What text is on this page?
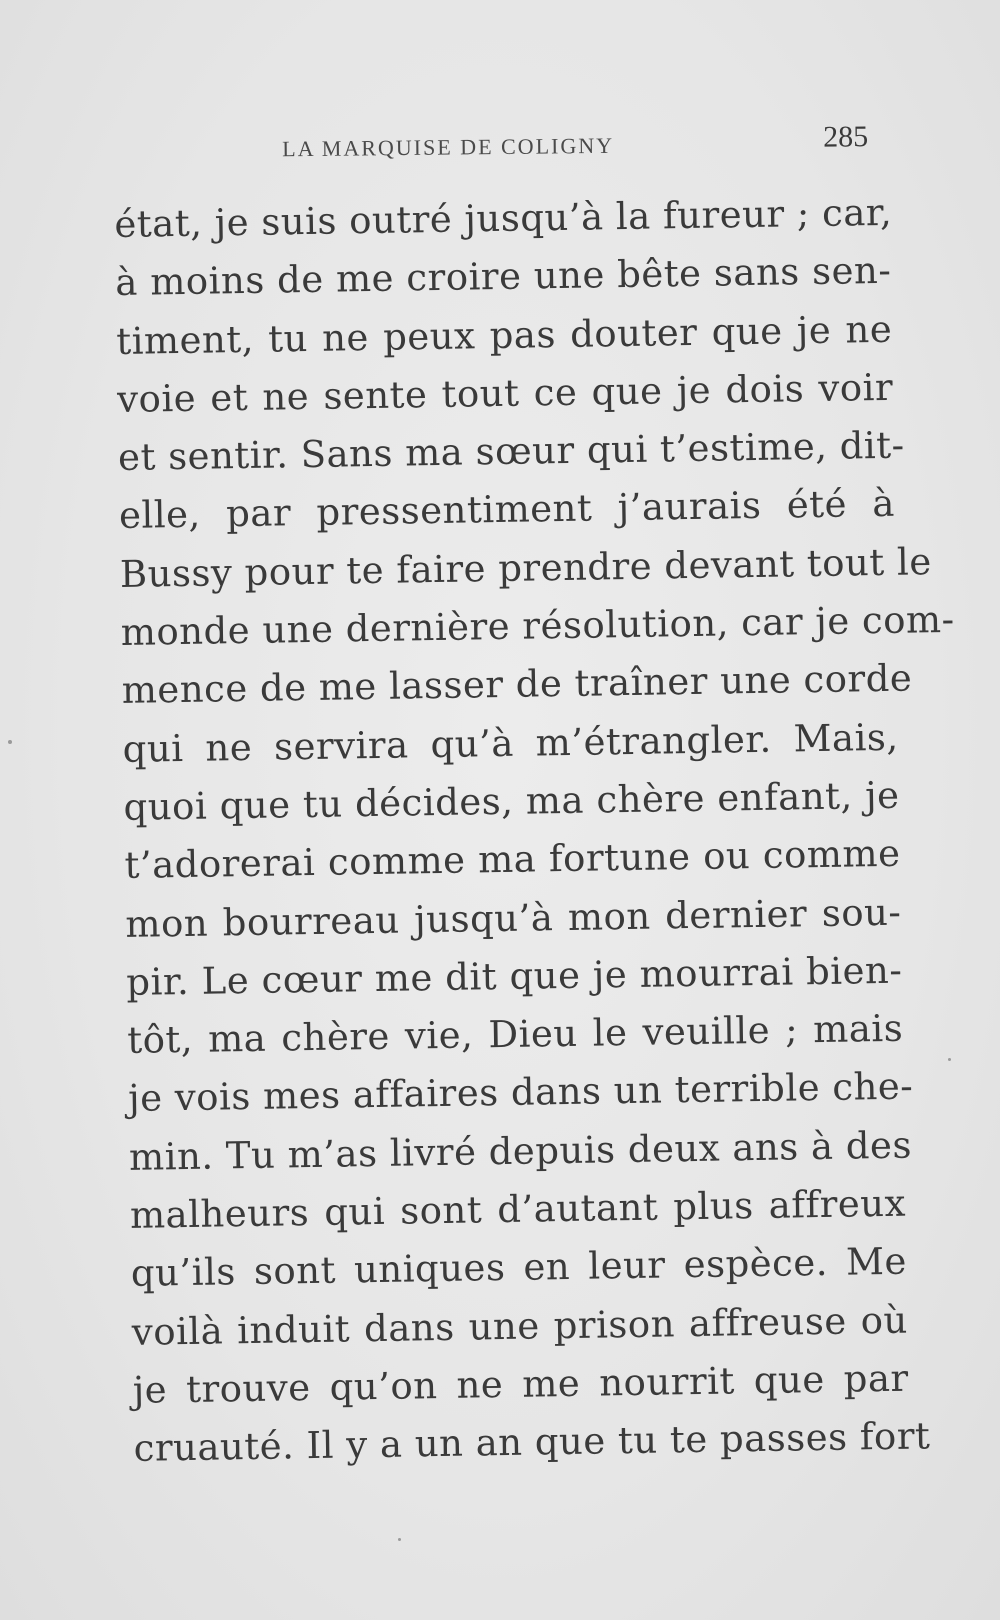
LA MARQUISE DE COLIGNY	285
état, je suis outré jusqu’à la fureur ; car,
à moins de me croire une bête sans sen-
timent, tu ne peux pas douter que je ne
voie et ne sente tout ce que je dois voir
et sentir. Sans ma sœur qui t’estime, dit-
elle, par pressentiment j’aurais été à
Bussy pour te faire prendre devant tout le
monde une dernière résolution, car je com-
mence de me lasser de traîner une corde
qui ne servira qu’à m’étrangler. Mais,
quoi que tu décides, ma chère enfant, je
t’adorerai comme ma fortune ou comme
mon bourreau jusqu’à mon dernier sou-
pir. Le cœur me dit que je mourrai bien-
tôt, ma chère vie, Dieu le veuille ; mais
je vois mes affaires dans un terrible che-
min. Tu m’as livré depuis deux ans à des
malheurs qui sont d’autant plus affreux
qu’ils sont uniques en leur espèce. Me
voilà induit dans une prison affreuse où
je trouve qu’on ne me nourrit que par
cruauté. Il y a un an que tu te passes fort
